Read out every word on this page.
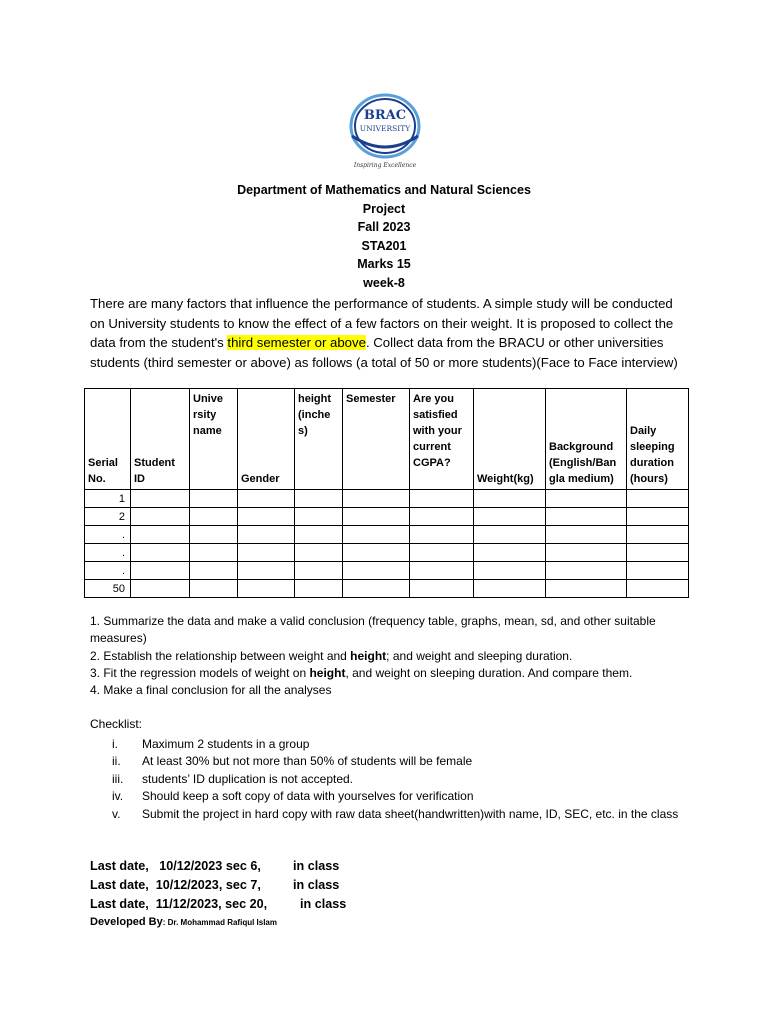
BRAC
UNIVERSITY
Inspiring Excellence
Department of Mathematics and Natural Sciences
Project
Fall 2023
STA201
Marks 15
week-8
There are many factors that influence the performance of students. A simple study will be conducted on University students to know the effect of a few factors on their weight. It is proposed to collect the data from the student's third semester or above. Collect data from the BRACU or other universities students (third semester or above) as follows (a total of 50 or more students)(Face to Face interview)
Serial No.	Student ID	Unive rsity name	Gender	height (inche s)	Semester	Are you satisfied with your current CGPA?	Weight(kg)	Background (English/Ban gla medium)	Daily sleeping duration (hours)
1									
2									
.									
.									
.									
50									

1. Summarize the data and make a valid conclusion (frequency table, graphs, mean, sd, and other suitable measures)

2. Establish the relationship between weight and height; and weight and sleeping duration.

3. Fit the regression models of weight on height, and weight on sleeping duration. And compare them.

4. Make a final conclusion for all the analyses

Checklist:
i. Maximum 2 students in a group
ii. At least 30% but not more than 50% of students will be female
iii. students’ ID duplication is not accepted.
iv. Should keep a soft copy of data with yourselves for verification
v. Submit the project in hard copy with raw data sheet(handwritten)with name, ID, SEC, etc. in the class
Last date,   10/12/2023 sec 6,	in class
Last date,  10/12/2023, sec 7,	in class
Last date,  11/12/2023, sec 20,	in class
Developed By: Dr. Mohammad Rafiqul Islam
